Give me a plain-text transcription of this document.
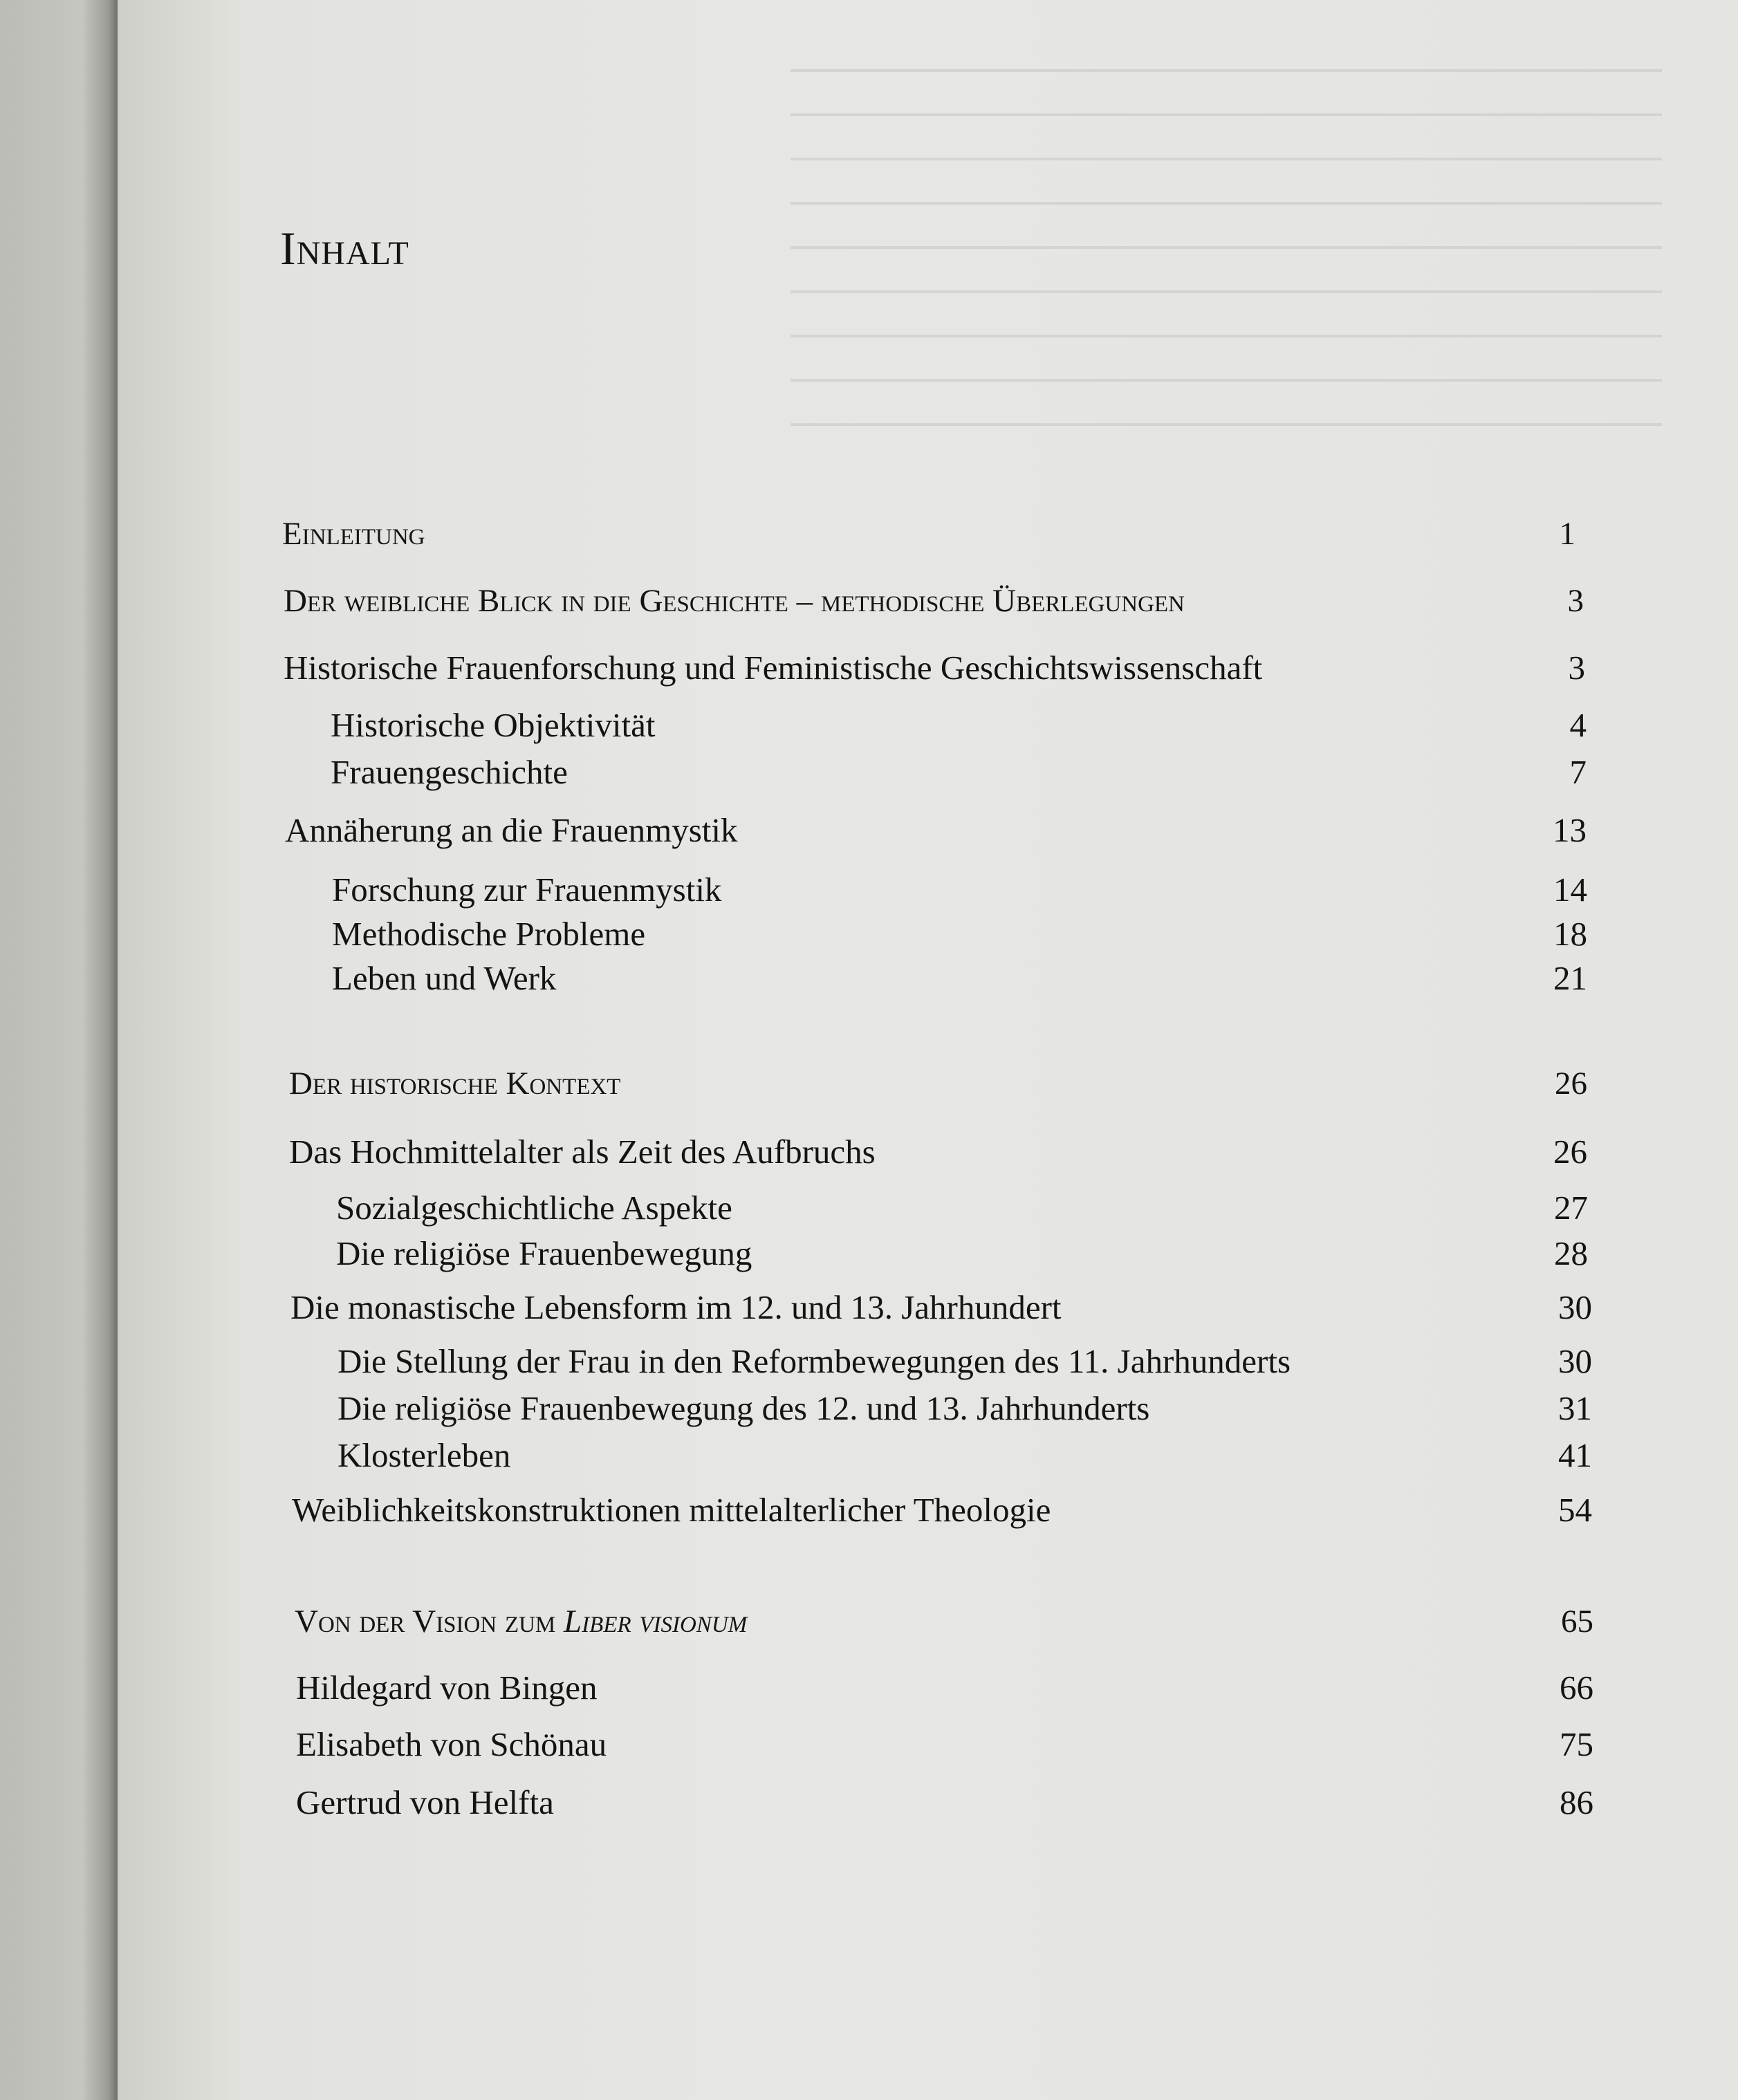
Inhalt
Einleitung	1
Der weibliche Blick in die Geschichte – methodische Überlegungen	3
Historische Frauenforschung und Feministische Geschichtswissenschaft	3
Historische Objektivität	4
Frauengeschichte	7
Annäherung an die Frauenmystik	13
Forschung zur Frauenmystik	14
Methodische Probleme	18
Leben und Werk	21
Der historische Kontext	26
Das Hochmittelalter als Zeit des Aufbruchs	26
Sozialgeschichtliche Aspekte	27
Die religiöse Frauenbewegung	28
Die monastische Lebensform im 12. und 13. Jahrhundert	30
Die Stellung der Frau in den Reformbewegungen des 11. Jahrhunderts	30
Die religiöse Frauenbewegung des 12. und 13. Jahrhunderts	31
Klosterleben	41
Weiblichkeitskonstruktionen mittelalterlicher Theologie	54
Von der Vision zum Liber visionum	65
Hildegard von Bingen	66
Elisabeth von Schönau	75
Gertrud von Helfta	86
